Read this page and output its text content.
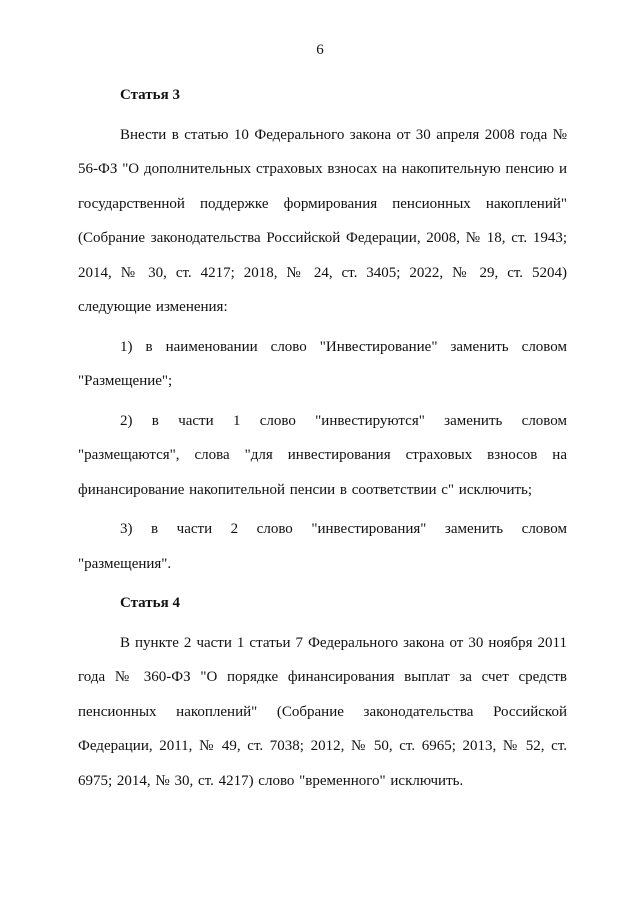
6

Статья 3

Внести в статью 10 Федерального закона от 30 апреля 2008 года № 56-ФЗ "О дополнительных страховых взносах на накопительную пенсию и государственной поддержке формирования пенсионных накоплений" (Собрание законодательства Российской Федерации, 2008, № 18, ст. 1943; 2014, № 30, ст. 4217; 2018, № 24, ст. 3405; 2022, № 29, ст. 5204) следующие изменения:

1) в наименовании слово "Инвестирование" заменить словом "Размещение";

2) в части 1 слово "инвестируются" заменить словом "размещаются", слова "для инвестирования страховых взносов на финансирование накопительной пенсии в соответствии с" исключить;

3) в части 2 слово "инвестирования" заменить словом "размещения".

Статья 4

В пункте 2 части 1 статьи 7 Федерального закона от 30 ноября 2011 года № 360-ФЗ "О порядке финансирования выплат за счет средств пенсионных накоплений" (Собрание законодательства Российской Федерации, 2011, № 49, ст. 7038; 2012, № 50, ст. 6965; 2013, № 52, ст. 6975; 2014, № 30, ст. 4217) слово "временного" исключить.
